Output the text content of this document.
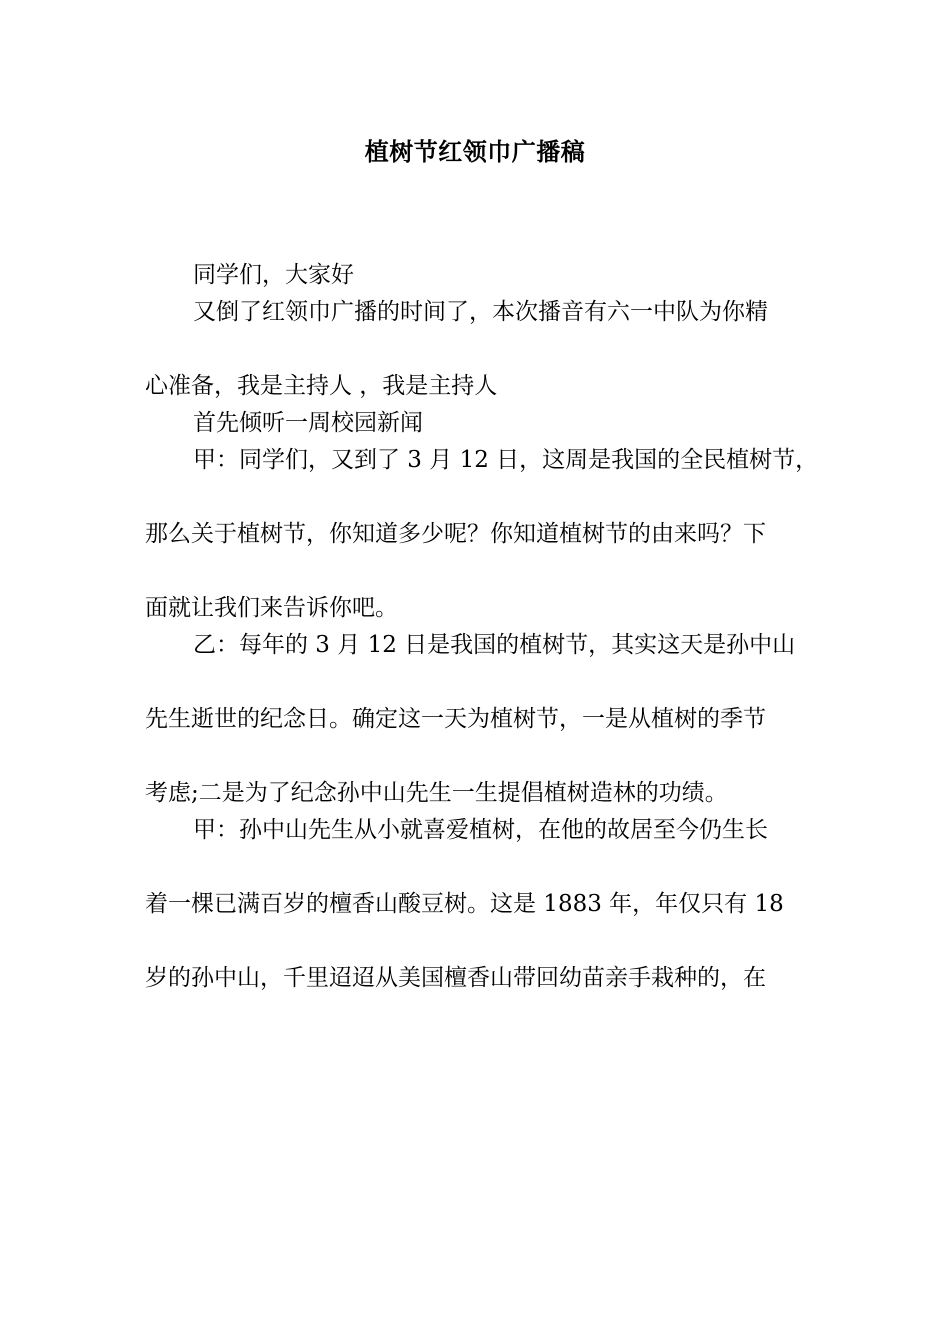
植树节红领巾广播稿
同学们，大家好
又倒了红领巾广播的时间了，本次播音有六一中队为你精
心准备，我是主持人 ，我是主持人
首先倾听一周校园新闻
甲：同学们，又到了 3 月 12 日，这周是我国的全民植树节，
那么关于植树节，你知道多少呢？你知道植树节的由来吗？下
面就让我们来告诉你吧。
乙：每年的 3 月 12 日是我国的植树节，其实这天是孙中山
先生逝世的纪念日。确定这一天为植树节，一是从植树的季节
考虑;二是为了纪念孙中山先生一生提倡植树造林的功绩。
甲：孙中山先生从小就喜爱植树，在他的故居至今仍生长
着一棵已满百岁的檀香山酸豆树。这是 1883 年，年仅只有 18
岁的孙中山，千里迢迢从美国檀香山带回幼苗亲手栽种的，在
